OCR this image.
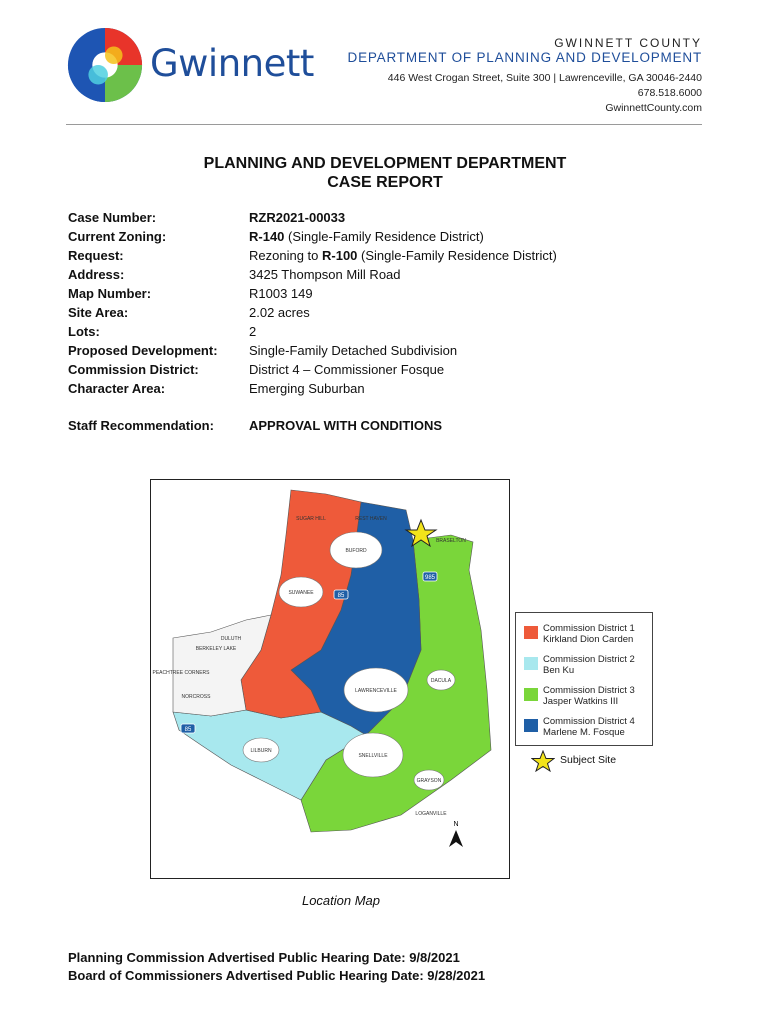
Gwinnett	GWINNETT COUNTY
DEPARTMENT OF PLANNING AND DEVELOPMENT
446 West Crogan Street, Suite 300 | Lawrenceville, GA 30046-2440
678.518.6000
GwinnettCounty.com
PLANNING AND DEVELOPMENT DEPARTMENT
CASE REPORT
Case Number:	RZR2021-00033
Current Zoning:	R-140 (Single-Family Residence District)
Request:	Rezoning to R-100 (Single-Family Residence District)
Address:	3425 Thompson Mill Road
Map Number:	R1003 149
Site Area:	2.02 acres
Lots:	2
Proposed Development: Single-Family Detached Subdivision
Commission District:	District 4 – Commissioner Fosque
Character Area:	Emerging Suburban
Staff Recommendation:	APPROVAL WITH CONDITIONS
85
985
85
BUFORD
SUWANEE
DULUTH
BERKELEY LAKE
PEACHTREE CORNERS
NORCROSS
LILBURN
SNELLVILLE
LAWRENCEVILLE
GRAYSON
BRASELTON
DACULA
SUGAR HILL	REST HAVEN
LOGANVILLE
N
Commission District 1
Kirkland Dion Carden
Commission District 2
Ben Ku
Commission District 3
Jasper Watkins III
Commission District 4
Marlene M. Fosque
Subject Site
Location Map
Planning Commission Advertised Public Hearing Date: 9/8/2021
Board of Commissioners Advertised Public Hearing Date: 9/28/2021
